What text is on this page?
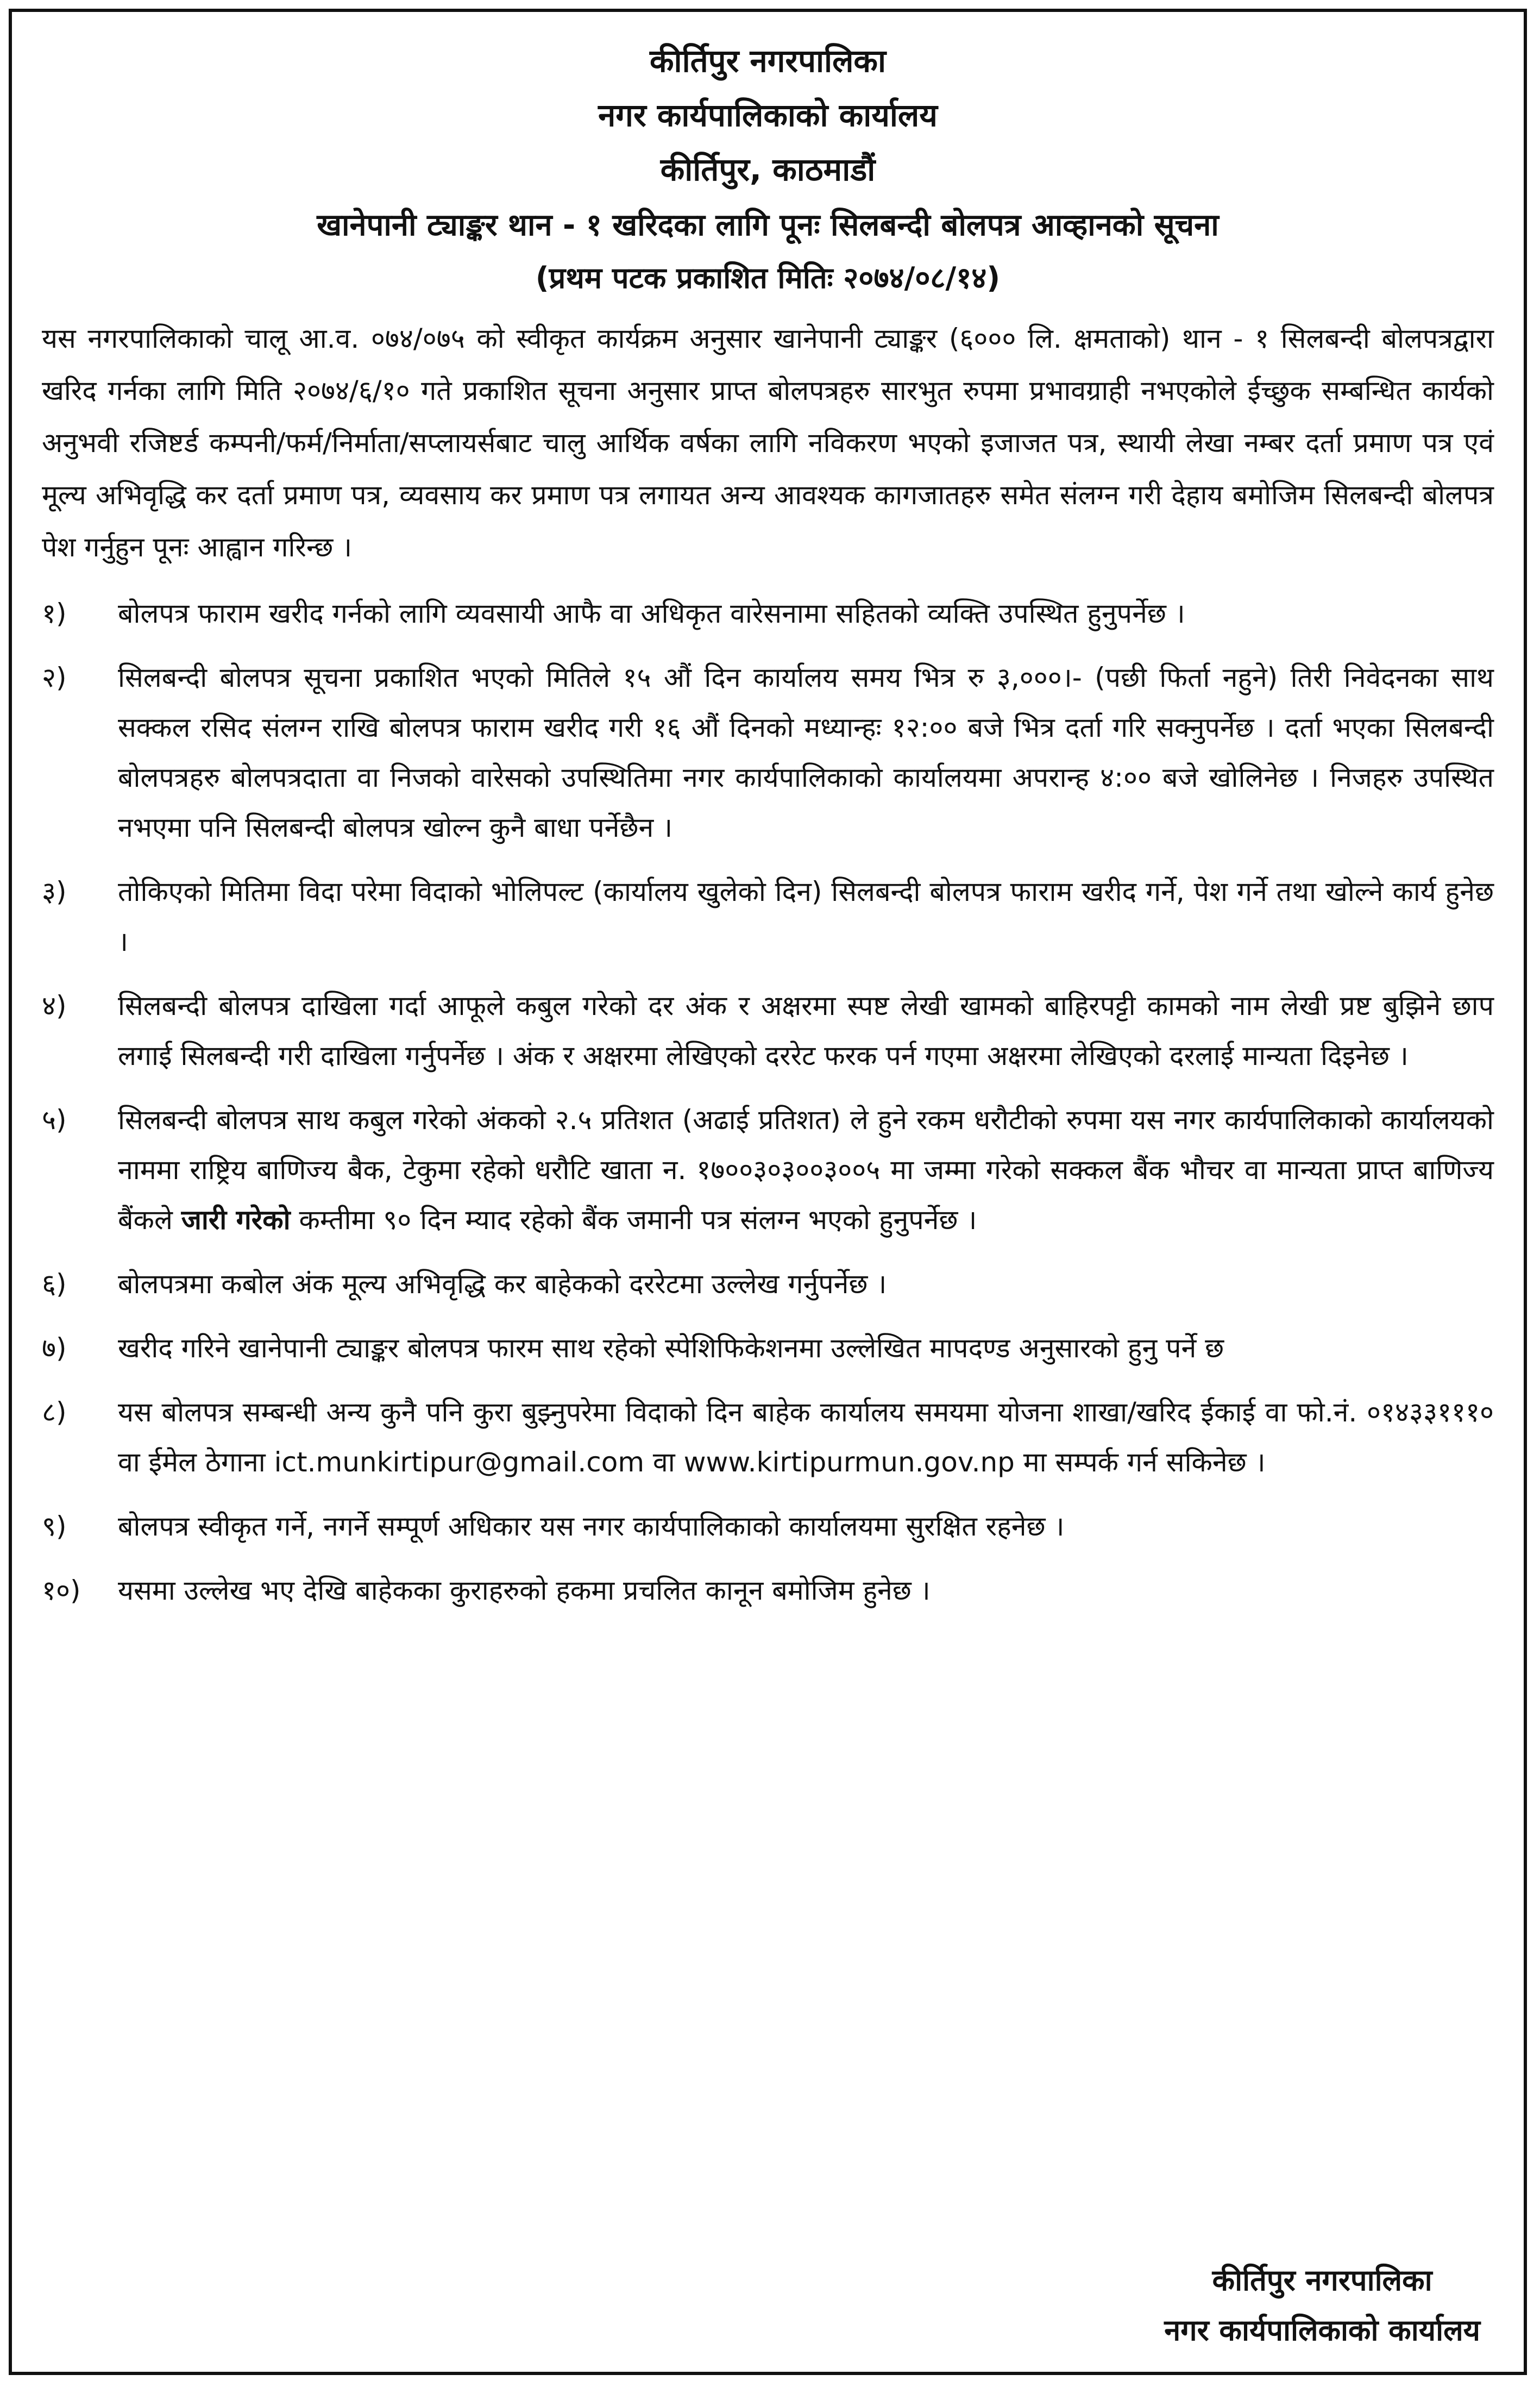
कीर्तिपुर नगरपालिका
नगर कार्यपालिकाको कार्यालय
कीर्तिपुर, काठमाडौं
खानेपानी ट्याङ्कर थान - १ खरिदका लागि पूनः सिलबन्दी बोलपत्र आव्हानको सूचना
(प्रथम पटक प्रकाशित मितिः २०७४/०८/१४)
यस नगरपालिकाको चालू आ.व. ०७४/०७५ को स्वीकृत कार्यक्रम अनुसार खानेपानी ट्याङ्कर (६००० लि. क्षमताको) थान - १ सिलबन्दी बोलपत्रद्वारा खरिद गर्नका लागि मिति २०७४/६/१० गते प्रकाशित सूचना अनुसार प्राप्त बोलपत्रहरु सारभुत रुपमा प्रभावग्राही नभएकोले ईच्छुक सम्बन्धित कार्यको अनुभवी रजिष्टर्ड कम्पनी/फर्म/निर्माता/सप्लायर्सबाट चालु आर्थिक वर्षका लागि नविकरण भएको इजाजत पत्र, स्थायी लेखा नम्बर दर्ता प्रमाण पत्र एवं मूल्य अभिवृद्धि कर दर्ता प्रमाण पत्र, व्यवसाय कर प्रमाण पत्र लगायत अन्य आवश्यक कागजातहरु समेत संलग्न गरी देहाय बमोजिम सिलबन्दी बोलपत्र पेश गर्नुहुन पूनः आह्वान गरिन्छ ।
१)	बोलपत्र फाराम खरीद गर्नको लागि व्यवसायी आफै वा अधिकृत वारेसनामा सहितको व्यक्ति उपस्थित हुनुपर्नेछ ।
२)	सिलबन्दी बोलपत्र सूचना प्रकाशित भएको मितिले १५ औं दिन कार्यालय समय भित्र रु ३,०००।- (पछी फिर्ता नहुने) तिरी निवेदनका साथ सक्कल रसिद संलग्न राखि बोलपत्र फाराम खरीद गरी १६ औं दिनको मध्यान्हः १२:०० बजे भित्र दर्ता गरि सक्नुपर्नेछ । दर्ता भएका सिलबन्दी बोलपत्रहरु बोलपत्रदाता वा निजको वारेसको उपस्थितिमा नगर कार्यपालिकाको कार्यालयमा अपरान्ह ४:०० बजे खोलिनेछ । निजहरु उपस्थित नभएमा पनि सिलबन्दी बोलपत्र खोल्न कुनै बाधा पर्नेछैन ।
३)	तोकिएको मितिमा विदा परेमा विदाको भोलिपल्ट (कार्यालय खुलेको दिन) सिलबन्दी बोलपत्र फाराम खरीद गर्ने, पेश गर्ने तथा खोल्ने कार्य हुनेछ ।
४)	सिलबन्दी बोलपत्र दाखिला गर्दा आफूले कबुल गरेको दर अंक र अक्षरमा स्पष्ट लेखी खामको बाहिरपट्टी कामको नाम लेखी प्रष्ट बुझिने छाप लगाई सिलबन्दी गरी दाखिला गर्नुपर्नेछ । अंक र अक्षरमा लेखिएको दररेट फरक पर्न गएमा अक्षरमा लेखिएको दरलाई मान्यता दिइनेछ ।
५)	सिलबन्दी बोलपत्र साथ कबुल गरेको अंकको २.५ प्रतिशत (अढाई प्रतिशत) ले हुने रकम धरौटीको रुपमा यस नगर कार्यपालिकाको कार्यालयको नाममा राष्ट्रिय बाणिज्य बैक, टेकुमा रहेको धरौटि खाता न. १७००३०३००३००५ मा जम्मा गरेको सक्कल बैंक भौचर वा मान्यता प्राप्त बाणिज्य बैंकले जारी गरेको कम्तीमा ९० दिन म्याद रहेको बैंक जमानी पत्र संलग्न भएको हुनुपर्नेछ ।
६)	बोलपत्रमा कबोल अंक मूल्य अभिवृद्धि कर बाहेकको दररेटमा उल्लेख गर्नुपर्नेछ ।
७)	खरीद गरिने खानेपानी ट्याङ्कर बोलपत्र फारम साथ रहेको स्पेशिफिकेशनमा उल्लेखित मापदण्ड अनुसारको हुनु पर्ने छ
८)	यस बोलपत्र सम्बन्धी अन्य कुनै पनि कुरा बुझ्नुपरेमा विदाको दिन बाहेक कार्यालय समयमा योजना शाखा/खरिद ईकाई वा फो.नं. ०१४३३१११० वा ईमेल ठेगाना ict.munkirtipur@gmail.com वा www.kirtipurmun.gov.np मा सम्पर्क गर्न सकिनेछ ।
९)	बोलपत्र स्वीकृत गर्ने, नगर्ने सम्पूर्ण अधिकार यस नगर कार्यपालिकाको कार्यालयमा सुरक्षित रहनेछ ।
१०)	यसमा उल्लेख भए देखि बाहेकका कुराहरुको हकमा प्रचलित कानून बमोजिम हुनेछ ।
कीर्तिपुर नगरपालिका
नगर कार्यपालिकाको कार्यालय
